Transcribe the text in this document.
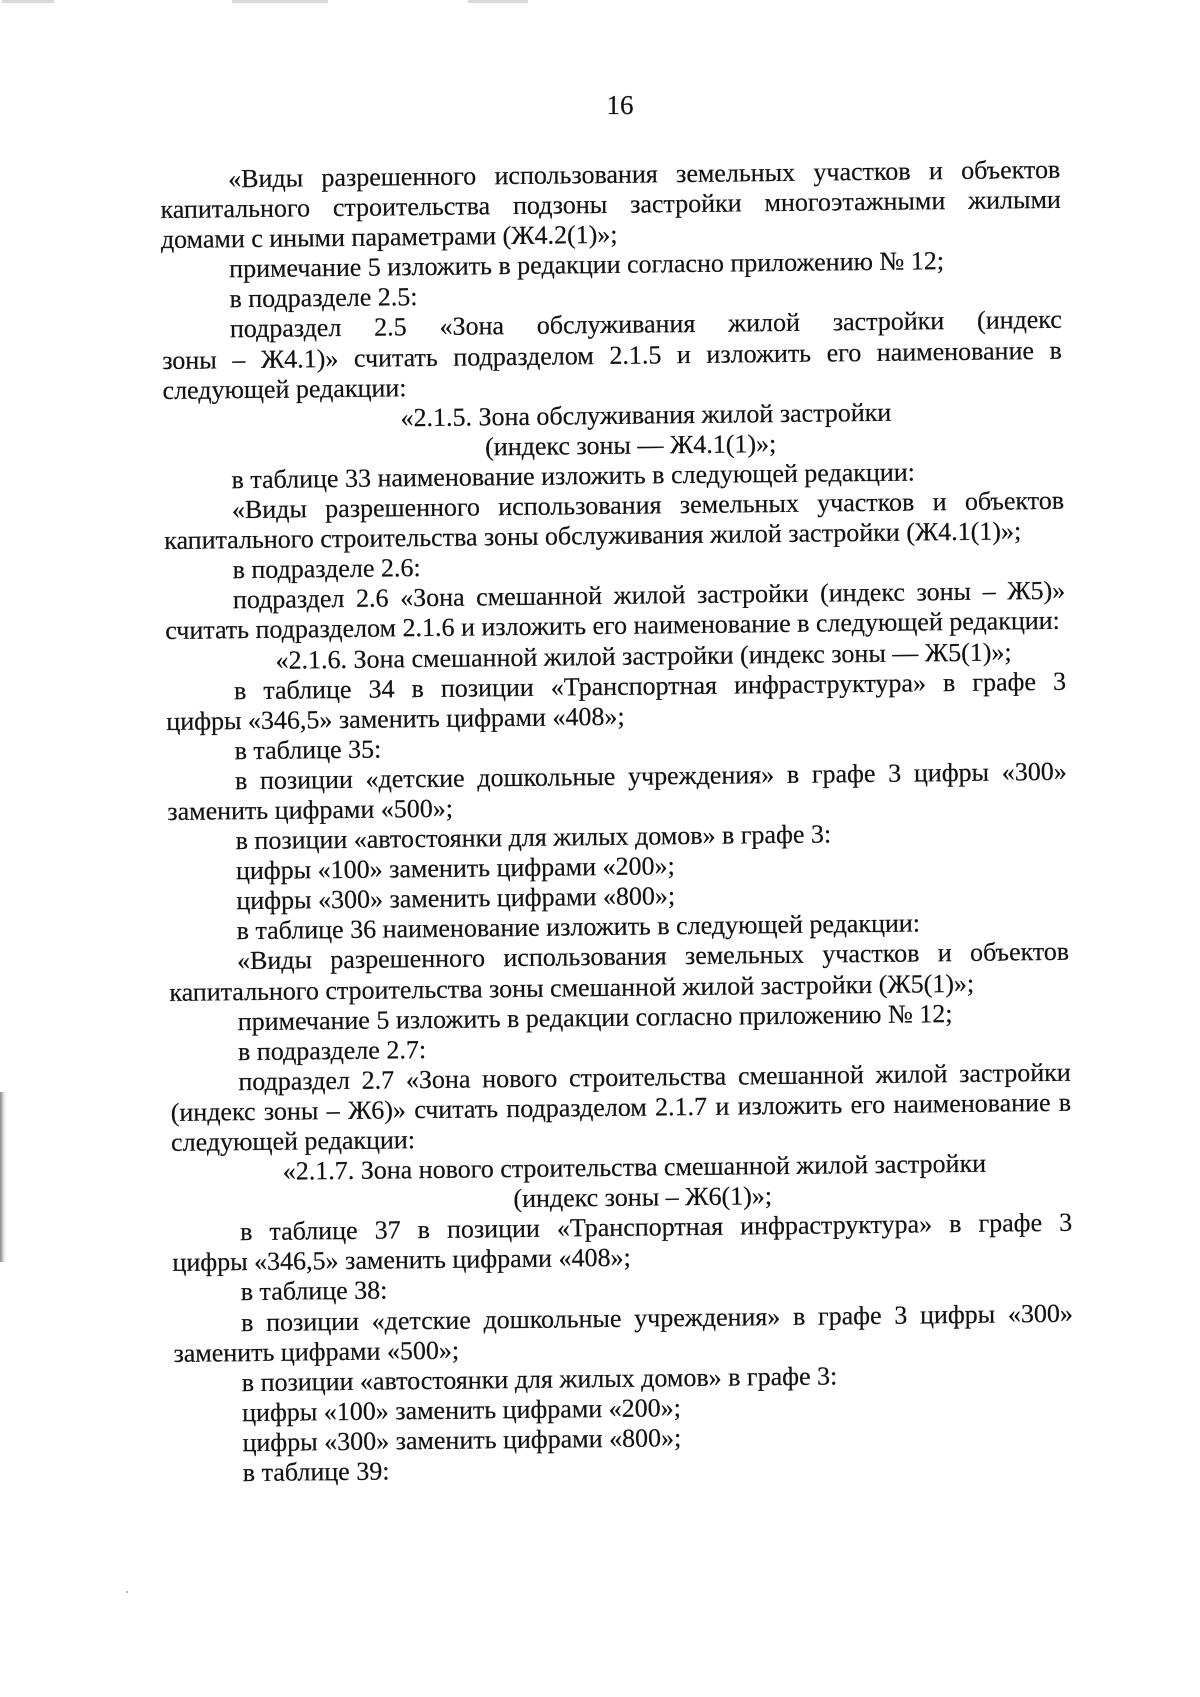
16
«Виды разрешенного использования земельных участков и объектов
капитального строительства подзоны застройки многоэтажными жилыми
домами с иными параметрами (Ж4.2(1)»;
примечание 5 изложить в редакции согласно приложению № 12;
в подразделе 2.5:
подраздел 2.5 «Зона обслуживания жилой застройки (индекс
зоны – Ж4.1)» считать подразделом 2.1.5 и изложить его наименование в
следующей редакции:
«2.1.5. Зона обслуживания жилой застройки
(индекс зоны — Ж4.1(1)»;
в таблице 33 наименование изложить в следующей редакции:
«Виды разрешенного использования земельных участков и объектов
капитального строительства зоны обслуживания жилой застройки (Ж4.1(1)»;
в подразделе 2.6:
подраздел 2.6 «Зона смешанной жилой застройки (индекс зоны – Ж5)»
считать подразделом 2.1.6 и изложить его наименование в следующей редакции:
«2.1.6. Зона смешанной жилой застройки (индекс зоны — Ж5(1)»;
в таблице 34 в позиции «Транспортная инфраструктура» в графе 3
цифры «346,5» заменить цифрами «408»;
в таблице 35:
в позиции «детские дошкольные учреждения» в графе 3 цифры «300»
заменить цифрами «500»;
в позиции «автостоянки для жилых домов» в графе 3:
цифры «100» заменить цифрами «200»;
цифры «300» заменить цифрами «800»;
в таблице 36 наименование изложить в следующей редакции:
«Виды разрешенного использования земельных участков и объектов
капитального строительства зоны смешанной жилой застройки (Ж5(1)»;
примечание 5 изложить в редакции согласно приложению № 12;
в подразделе 2.7:
подраздел 2.7 «Зона нового строительства смешанной жилой застройки
(индекс зоны – Ж6)» считать подразделом 2.1.7 и изложить его наименование в
следующей редакции:
«2.1.7. Зона нового строительства смешанной жилой застройки
(индекс зоны – Ж6(1)»;
в таблице 37 в позиции «Транспортная инфраструктура» в графе 3
цифры «346,5» заменить цифрами «408»;
в таблице 38:
в позиции «детские дошкольные учреждения» в графе 3 цифры «300»
заменить цифрами «500»;
в позиции «автостоянки для жилых домов» в графе 3:
цифры «100» заменить цифрами «200»;
цифры «300» заменить цифрами «800»;
в таблице 39:
